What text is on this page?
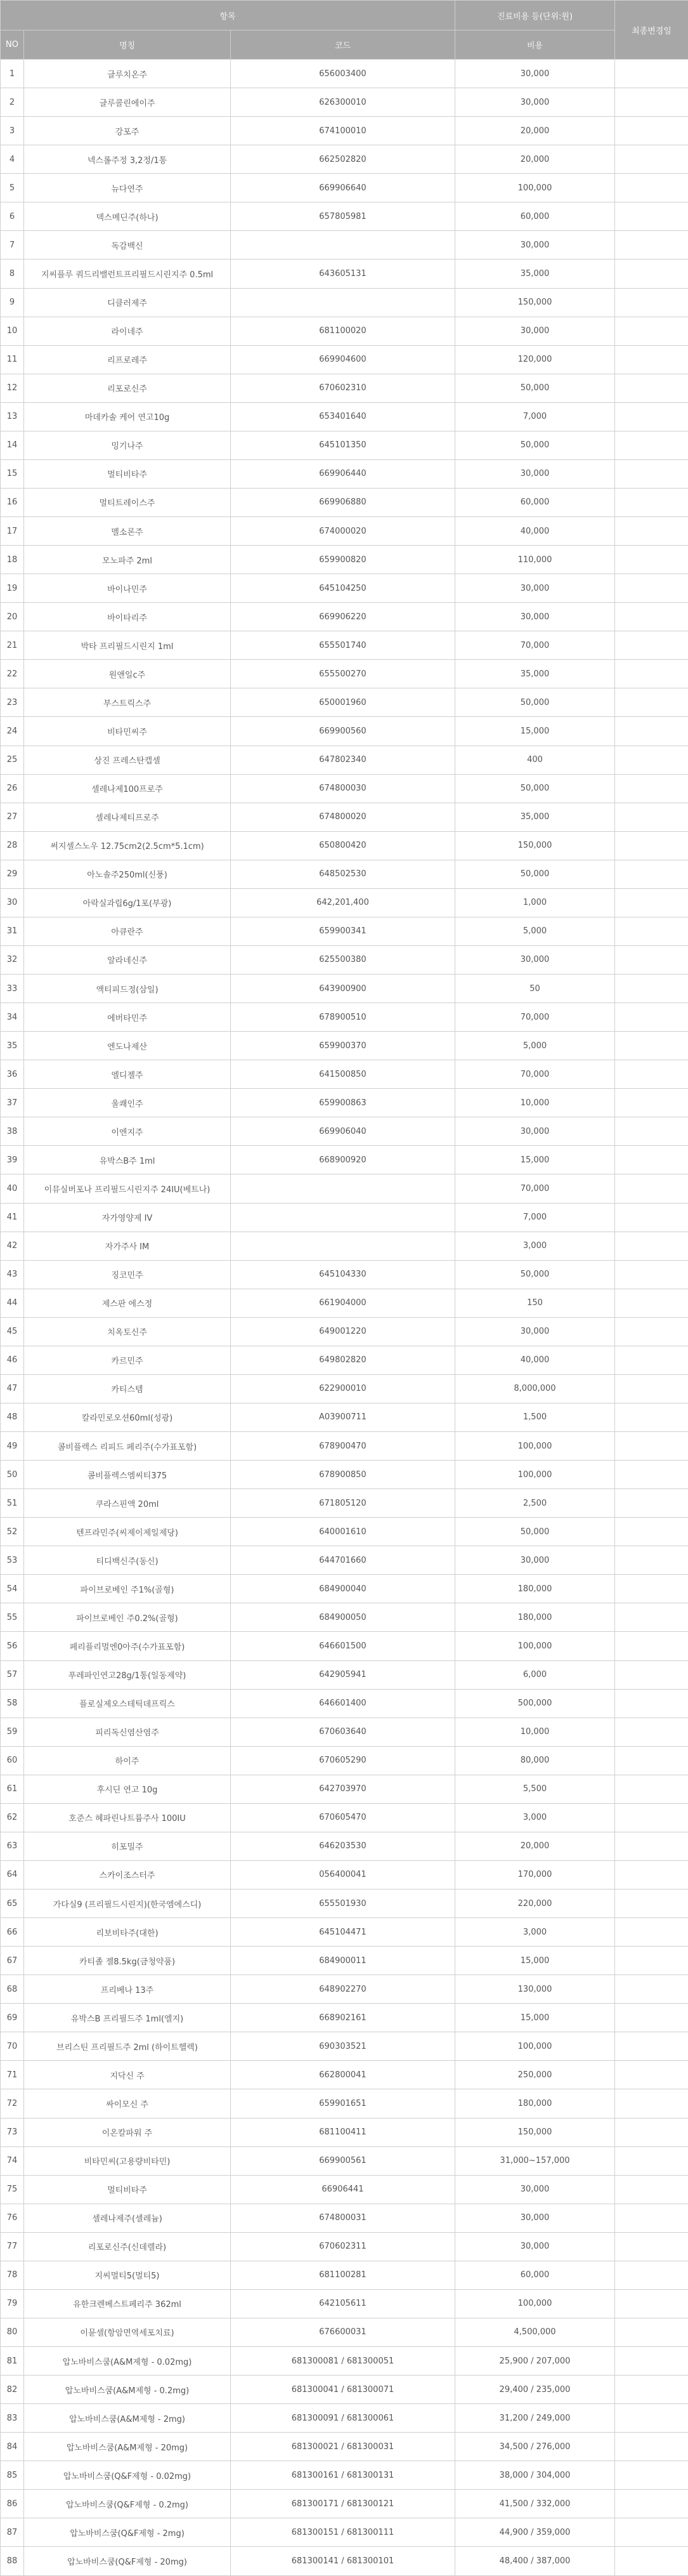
항목			진료비용 등(단위:원)	최종변경일
NO	명칭	코드	비용	
1	글루치온주	656003400	30,000	
2	글루콜린에이주	626300010	30,000	
3	강포주	674100010	20,000	
4	넥스롤주정 3,2정/1통	662502820	20,000	
5	뉴다연주	669906640	100,000	
6	덱스메딘주(하나)	657805981	60,000	
7	독감백신		30,000	
8	지씨플루 쿼드리밸런트프리필드시린지주 0.5ml	643605131	35,000	
9	디클러제주		150,000	
10	라이네주	681100020	30,000	
11	리프로레주	669904600	120,000	
12	리포로신주	670602310	50,000	
13	마데카솔 케어 연고10g	653401640	7,000	
14	밍기나주	645101350	50,000	
15	멀티비타주	669906440	30,000	
16	멀티트레이스주	669906880	60,000	
17	멜소론주	674000020	40,000	
18	모노파주 2ml	659900820	110,000	
19	바이나민주	645104250	30,000	
20	바이타리주	669906220	30,000	
21	박타 프리필드시린지 1ml	655501740	70,000	
22	원앤일c주	655500270	35,000	
23	부스트릭스주	650001960	50,000	
24	비타민씨주	669900560	15,000	
25	상진 프레스탄캡셀	647802340	400	
26	셀레나제100프로주	674800030	50,000	
27	셀레나제티프로주	674800020	35,000	
28	써지셀스노우 12.75cm2(2.5cm*5.1cm)	650800420	150,000	
29	아노솔주250ml(신풍)	648502530	50,000	
30	아락실과립6g/1포(부광)	642,201,400	1,000	
31	아큐란주	659900341	5,000	
32	알라네신주	625500380	30,000	
33	액티피드정(삼일)	643900900	50	
34	에버타민주	678900510	70,000	
35	엔도나제산	659900370	5,000	
36	엘디젤주	641500850	70,000	
37	울쾌인주	659900863	10,000	
38	이엔지주	669906040	30,000	
39	유박스B주 1ml	668900920	15,000	
40	이뮤실버포나 프리필드시린지주 24IU(베트나)		70,000	
41	자가영양제 IV		7,000	
42	자가주사 IM		3,000	
43	징코민주	645104330	50,000	
44	제스판 에스정	661904000	150	
45	치옥토신주	649001220	30,000	
46	카르민주	649802820	40,000	
47	카티스템	622900010	8,000,000	
48	칼라민로오션60ml(성광)	A03900711	1,500	
49	콤비플렉스 리피드 페리주(수가표포함)	678900470	100,000	
50	콤비플렉스엠씨티375	678900850	100,000	
51	쿠라스핀액 20ml	671805120	2,500	
52	텐프라민주(씨제이제일제당)	640001610	50,000	
53	티디백신주(동신)	644701660	30,000	
54	파이브로베인 주1%(골형)	684900040	180,000	
55	파이브로베인 주0.2%(골형)	684900050	180,000	
56	페리플리멀엔0아주(수가표포함)	646601500	100,000	
57	푸레파인연고28g/1통(일동제약)	642905941	6,000	
58	플로실제오스테틱데프릭스	646601400	500,000	
59	피리독신염산염주	670603640	10,000	
60	하이주	670605290	80,000	
61	후시딘 연고 10g	642703970	5,500	
62	호준스 헤파린나트륨주사 100IU	670605470	3,000	
63	히포밀주	646203530	20,000	
64	스카이조스터주	056400041	170,000	
65	가다실9 (프리필드시린지)(한국엠에스디)	655501930	220,000	
66	리보비타주(대한)	645104471	3,000	
67	카티졸 젤8.5kg(금청약품)	684900011	15,000	
68	프리베나 13주	648902270	130,000	
69	유박스B 프리필드주 1ml(엘지)	668902161	15,000	
70	브리스틴 프리필드주 2ml (하이트헬렉)	690303521	100,000	
71	지닥신 주	662800041	250,000	
72	싸이모신 주	659901651	180,000	
73	이온칼파워 주	681100411	150,000	
74	비타민씨(고용량비타민)	669900561	31,000~157,000	
75	멀티비타주	66906441	30,000	
76	셀레나제주(셀레늄)	674800031	30,000	
77	리포로신주(신데렐라)	670602311	30,000	
78	지씨멀티5(멀티5)	681100281	60,000	
79	유한크렌베스트페리주 362ml	642105611	100,000	
80	이뮨셀(항암면역세포치료)	676600031	4,500,000	
81	압노바비스쿰(A&M제형 - 0.02mg)	681300081 / 681300051	25,900 / 207,000	
82	압노바비스쿰(A&M제형 - 0.2mg)	681300041 / 681300071	29,400 / 235,000	
83	압노바비스쿰(A&M제형 - 2mg)	681300091 / 681300061	31,200 / 249,000	
84	압노바비스쿰(A&M제형 - 20mg)	681300021 / 681300031	34,500 / 276,000	
85	압노바비스쿰(Q&F제형 - 0.02mg)	681300161 / 681300131	38,000 / 304,000	
86	압노바비스쿰(Q&F제형 - 0.2mg)	681300171 / 681300121	41,500 / 332,000	
87	압노바비스쿰(Q&F제형 - 2mg)	681300151 / 681300111	44,900 / 359,000	
88	압노바비스쿰(Q&F제형 - 20mg)	681300141 / 681300101	48,400 / 387,000	
